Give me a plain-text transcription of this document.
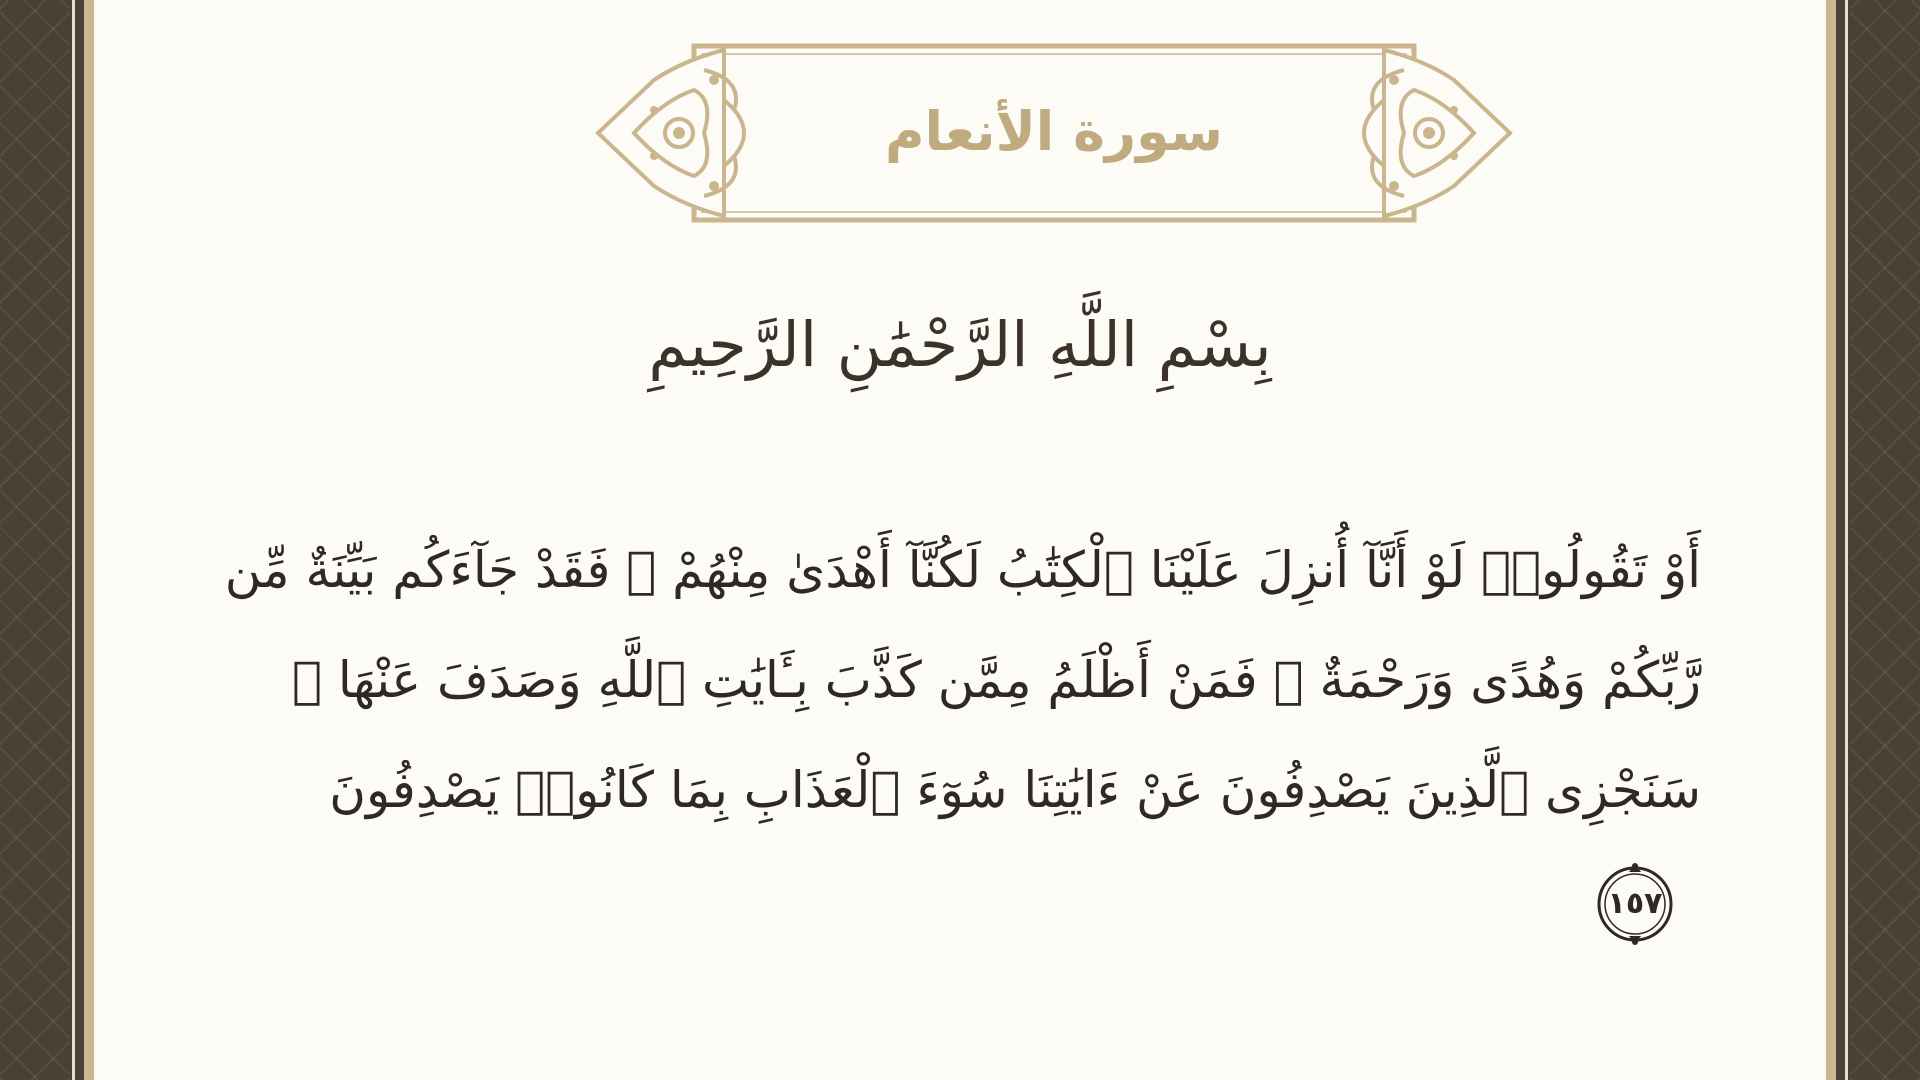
سورة الأنعام
بِسْمِ اللَّهِ الرَّحْمَٰنِ الرَّحِيمِ
أَوْ تَقُولُوا۟ لَوْ أَنَّآ أُنزِلَ عَلَيْنَا ٱلْكِتَٰبُ لَكُنَّآ أَهْدَىٰ مِنْهُمْ ۚ فَقَدْ جَآءَكُم بَيِّنَةٌ مِّن رَّبِّكُمْ وَهُدًى وَرَحْمَةٌ ۚ فَمَنْ أَظْلَمُ مِمَّن كَذَّبَ بِـَٔايَٰتِ ٱللَّهِ وَصَدَفَ عَنْهَا ۗ سَنَجْزِى ٱلَّذِينَ يَصْدِفُونَ عَنْ ءَايَٰتِنَا سُوٓءَ ٱلْعَذَابِ بِمَا كَانُوا۟ يَصْدِفُونَ
١٥٧
